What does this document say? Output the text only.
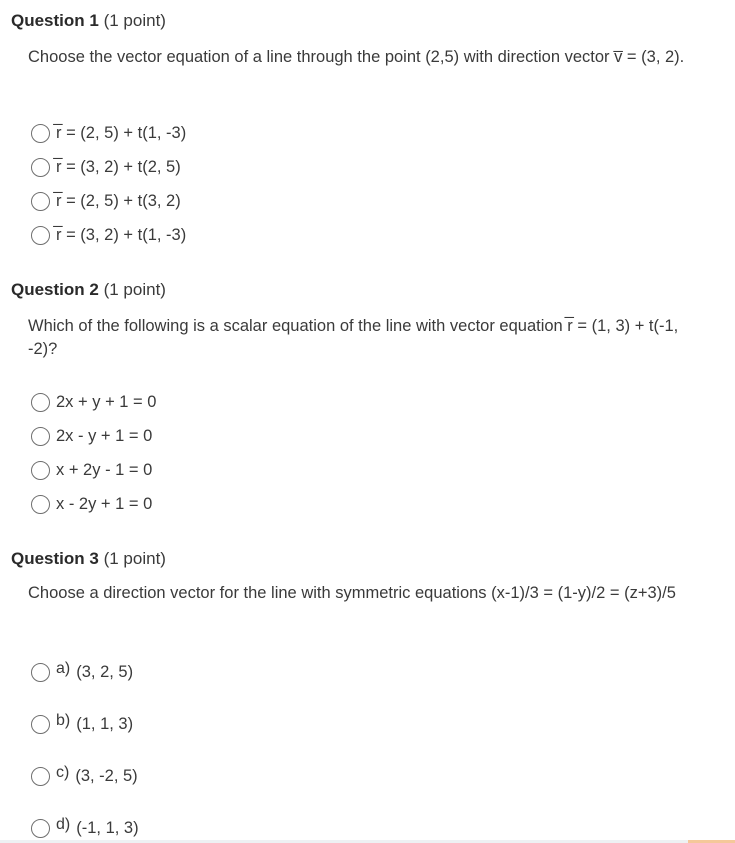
Question 1 (1 point)
Choose the vector equation of a line through the point (2,5) with direction vector v̅ = (3, 2).
r̅ = (2, 5) + t(1, -3)
r̅ = (3, 2) + t(2, 5)
r̅ = (2, 5) + t(3, 2)
r̅ = (3, 2) + t(1, -3)
Question 2 (1 point)
Which of the following is a scalar equation of the line with vector equation r̅ = (1, 3) + t(-1, -2)?
2x + y + 1 = 0
2x - y + 1 = 0
x + 2y - 1 = 0
x - 2y + 1 = 0
Question 3 (1 point)
Choose a direction vector for the line with symmetric equations (x-1)/3 = (1-y)/2 = (z+3)/5
a) (3, 2, 5)
b) (1, 1, 3)
c) (3, -2, 5)
d) (-1, 1, 3)
